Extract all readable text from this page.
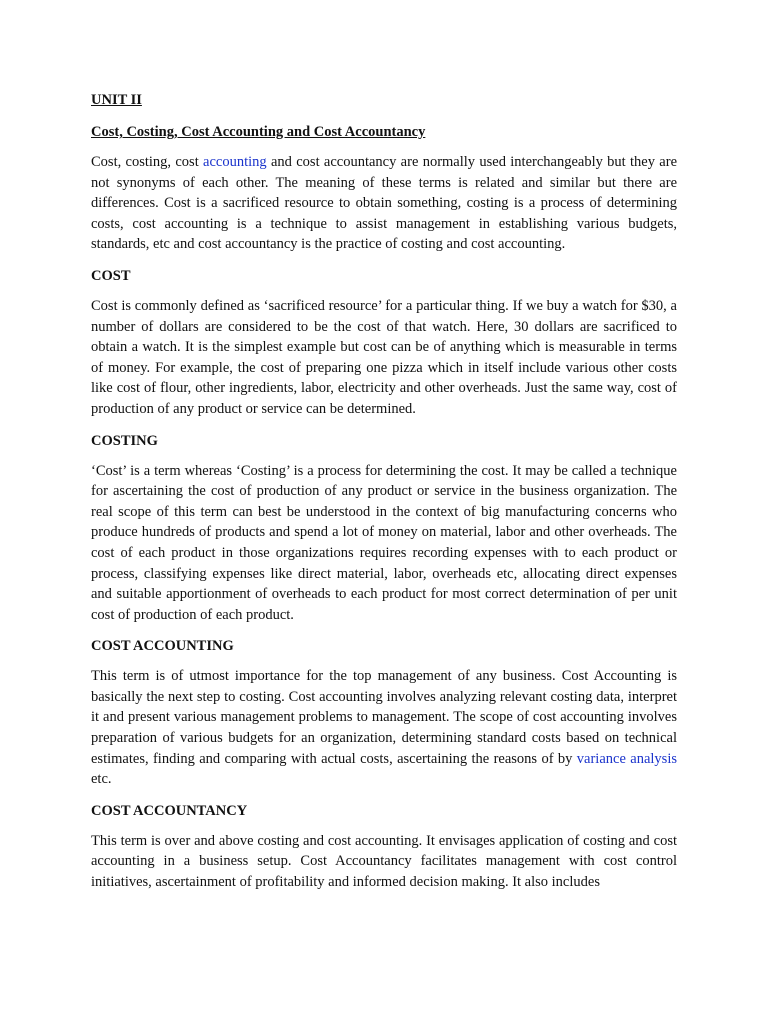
UNIT II
Cost, Costing, Cost Accounting and Cost Accountancy

Cost, costing, cost accounting and cost accountancy are normally used interchangeably but they are not synonyms of each other. The meaning of these terms is related and similar but there are differences. Cost is a sacrificed resource to obtain something, costing is a process of determining costs, cost accounting is a technique to assist management in establishing various budgets, standards, etc and cost accountancy is the practice of costing and cost accounting.

COST

Cost is commonly defined as ‘sacrificed resource’ for a particular thing. If we buy a watch for $30, a number of dollars are considered to be the cost of that watch. Here, 30 dollars are sacrificed to obtain a watch. It is the simplest example but cost can be of anything which is measurable in terms of money. For example, the cost of preparing one pizza which in itself include various other costs like cost of flour, other ingredients, labor, electricity and other overheads. Just the same way, cost of production of any product or service can be determined.

COSTING

‘Cost’ is a term whereas ‘Costing’ is a process for determining the cost. It may be called a technique for ascertaining the cost of production of any product or service in the business organization. The real scope of this term can best be understood in the context of big manufacturing concerns who produce hundreds of products and spend a lot of money on material, labor and other overheads. The cost of each product in those organizations requires recording expenses with to each product or process, classifying expenses like direct material, labor, overheads etc, allocating direct expenses and suitable apportionment of overheads to each product for most correct determination of per unit cost of production of each product.

COST ACCOUNTING

This term is of utmost importance for the top management of any business. Cost Accounting is basically the next step to costing. Cost accounting involves analyzing relevant costing data, interpret it and present various management problems to management. The scope of cost accounting involves preparation of various budgets for an organization, determining standard costs based on technical estimates, finding and comparing with actual costs, ascertaining the reasons of by variance analysis etc.

COST ACCOUNTANCY

This term is over and above costing and cost accounting. It envisages application of costing and cost accounting in a business setup. Cost Accountancy facilitates management with cost control initiatives, ascertainment of profitability and informed decision making. It also includes
